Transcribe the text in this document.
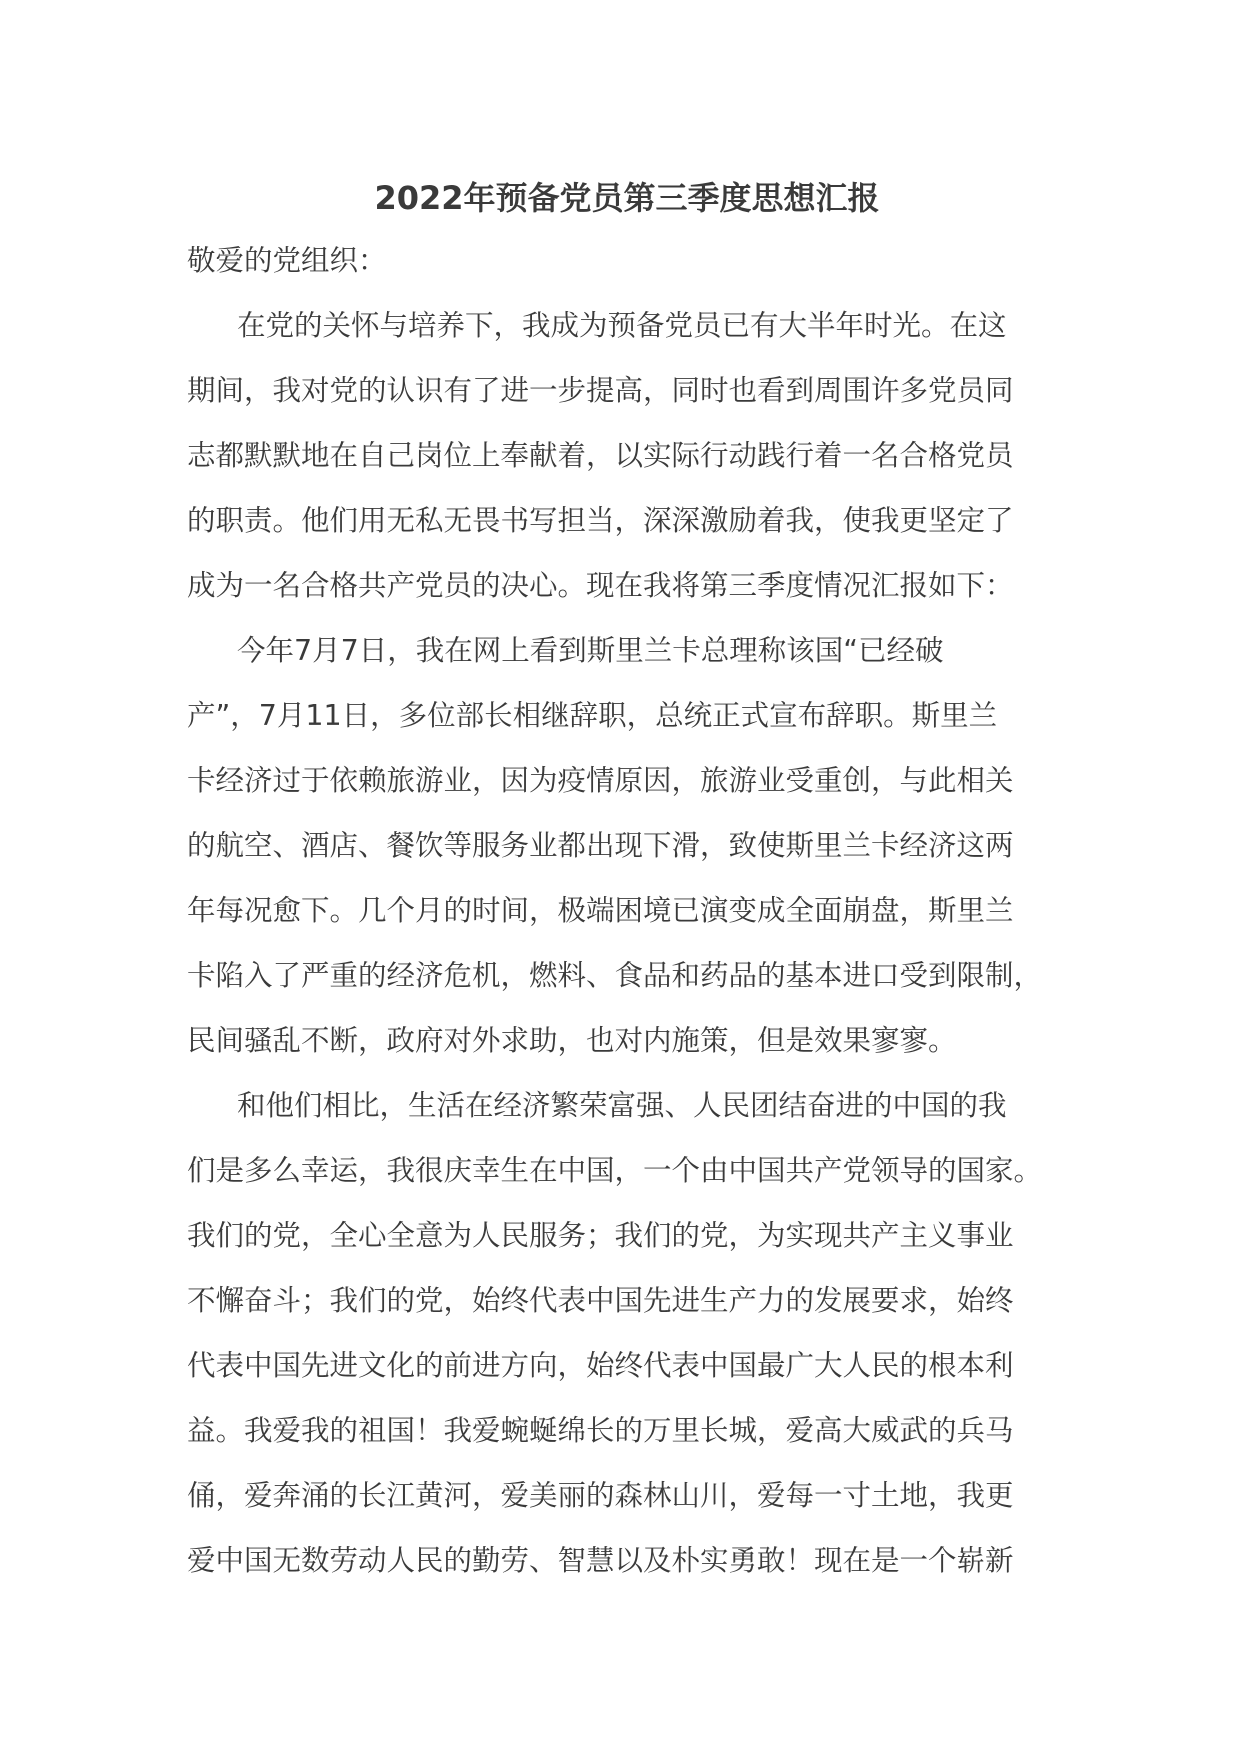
2022年预备党员第三季度思想汇报

敬爱的党组织：

在党的关怀与培养下，我成为预备党员已有大半年时光。在这

期间，我对党的认识有了进一步提高，同时也看到周围许多党员同

志都默默地在自己岗位上奉献着，以实际行动践行着一名合格党员

的职责。他们用无私无畏书写担当，深深激励着我，使我更坚定了

成为一名合格共产党员的决心。现在我将第三季度情况汇报如下：

今年7月7日，我在网上看到斯里兰卡总理称该国“已经破

产”，7月11日，多位部长相继辞职，总统正式宣布辞职。斯里兰

卡经济过于依赖旅游业，因为疫情原因，旅游业受重创，与此相关

的航空、酒店、餐饮等服务业都出现下滑，致使斯里兰卡经济这两

年每况愈下。几个月的时间，极端困境已演变成全面崩盘，斯里兰

卡陷入了严重的经济危机，燃料、食品和药品的基本进口受到限制，

民间骚乱不断，政府对外求助，也对内施策，但是效果寥寥。

和他们相比，生活在经济繁荣富强、人民团结奋进的中国的我

们是多么幸运，我很庆幸生在中国，一个由中国共产党领导的国家。

我们的党，全心全意为人民服务；我们的党，为实现共产主义事业

不懈奋斗；我们的党，始终代表中国先进生产力的发展要求，始终

代表中国先进文化的前进方向，始终代表中国最广大人民的根本利

益。我爱我的祖国！我爱蜿蜒绵长的万里长城，爱高大威武的兵马

俑，爱奔涌的长江黄河，爱美丽的森林山川，爱每一寸土地，我更

爱中国无数劳动人民的勤劳、智慧以及朴实勇敢！现在是一个崭新
